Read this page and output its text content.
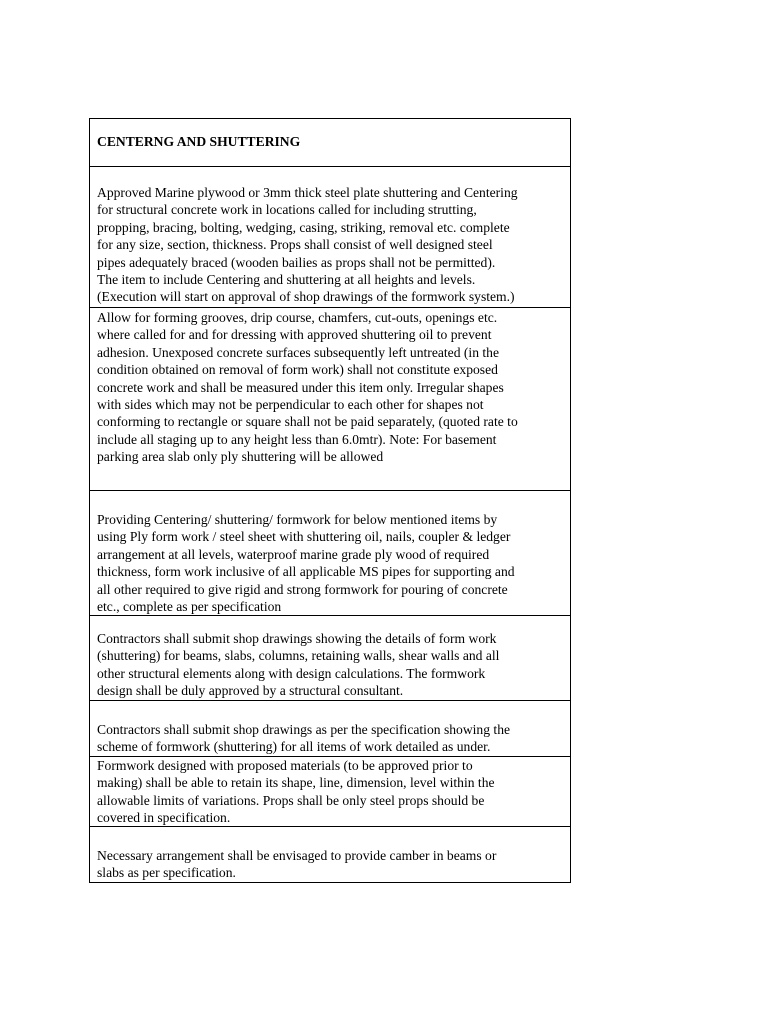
CENTERNG AND SHUTTERING

Approved Marine plywood or 3mm thick steel plate shuttering and Centering
for structural concrete work in locations called for including strutting,
propping, bracing, bolting, wedging, casing, striking, removal etc. complete
for any size, section, thickness. Props shall consist of well designed steel
pipes adequately braced (wooden bailies as props shall not be permitted).
The item to include Centering and shuttering at all heights and levels.
(Execution will start on approval of shop drawings of the formwork system.)

Allow for forming grooves, drip course, chamfers, cut-outs, openings etc.
where called for and for dressing with approved shuttering oil to prevent
adhesion. Unexposed concrete surfaces subsequently left untreated (in the
condition obtained on removal of form work) shall not constitute exposed
concrete work and shall be measured under this item only. Irregular shapes
with sides which may not be perpendicular to each other for shapes not
conforming to rectangle or square shall not be paid separately, (quoted rate to
include all staging up to any height less than 6.0mtr). Note: For basement
parking area slab only ply shuttering will be allowed

Providing Centering/ shuttering/ formwork for below mentioned items by
using Ply form work / steel sheet with shuttering oil, nails, coupler & ledger
arrangement at all levels, waterproof marine grade ply wood of required
thickness, form work inclusive of all applicable MS pipes for supporting and
all other required to give rigid and strong formwork for pouring of concrete
etc., complete as per specification

Contractors shall submit shop drawings showing the details of form work
(shuttering) for beams, slabs, columns, retaining walls, shear walls and all
other structural elements along with design calculations. The formwork
design shall be duly approved by a structural consultant.

Contractors shall submit shop drawings as per the specification showing the
scheme of formwork (shuttering) for all items of work detailed as under.

Formwork designed with proposed materials (to be approved prior to
making) shall be able to retain its shape, line, dimension, level within the
allowable limits of variations. Props shall be only steel props should be
covered in specification.

Necessary arrangement shall be envisaged to provide camber in beams or
slabs as per specification.
